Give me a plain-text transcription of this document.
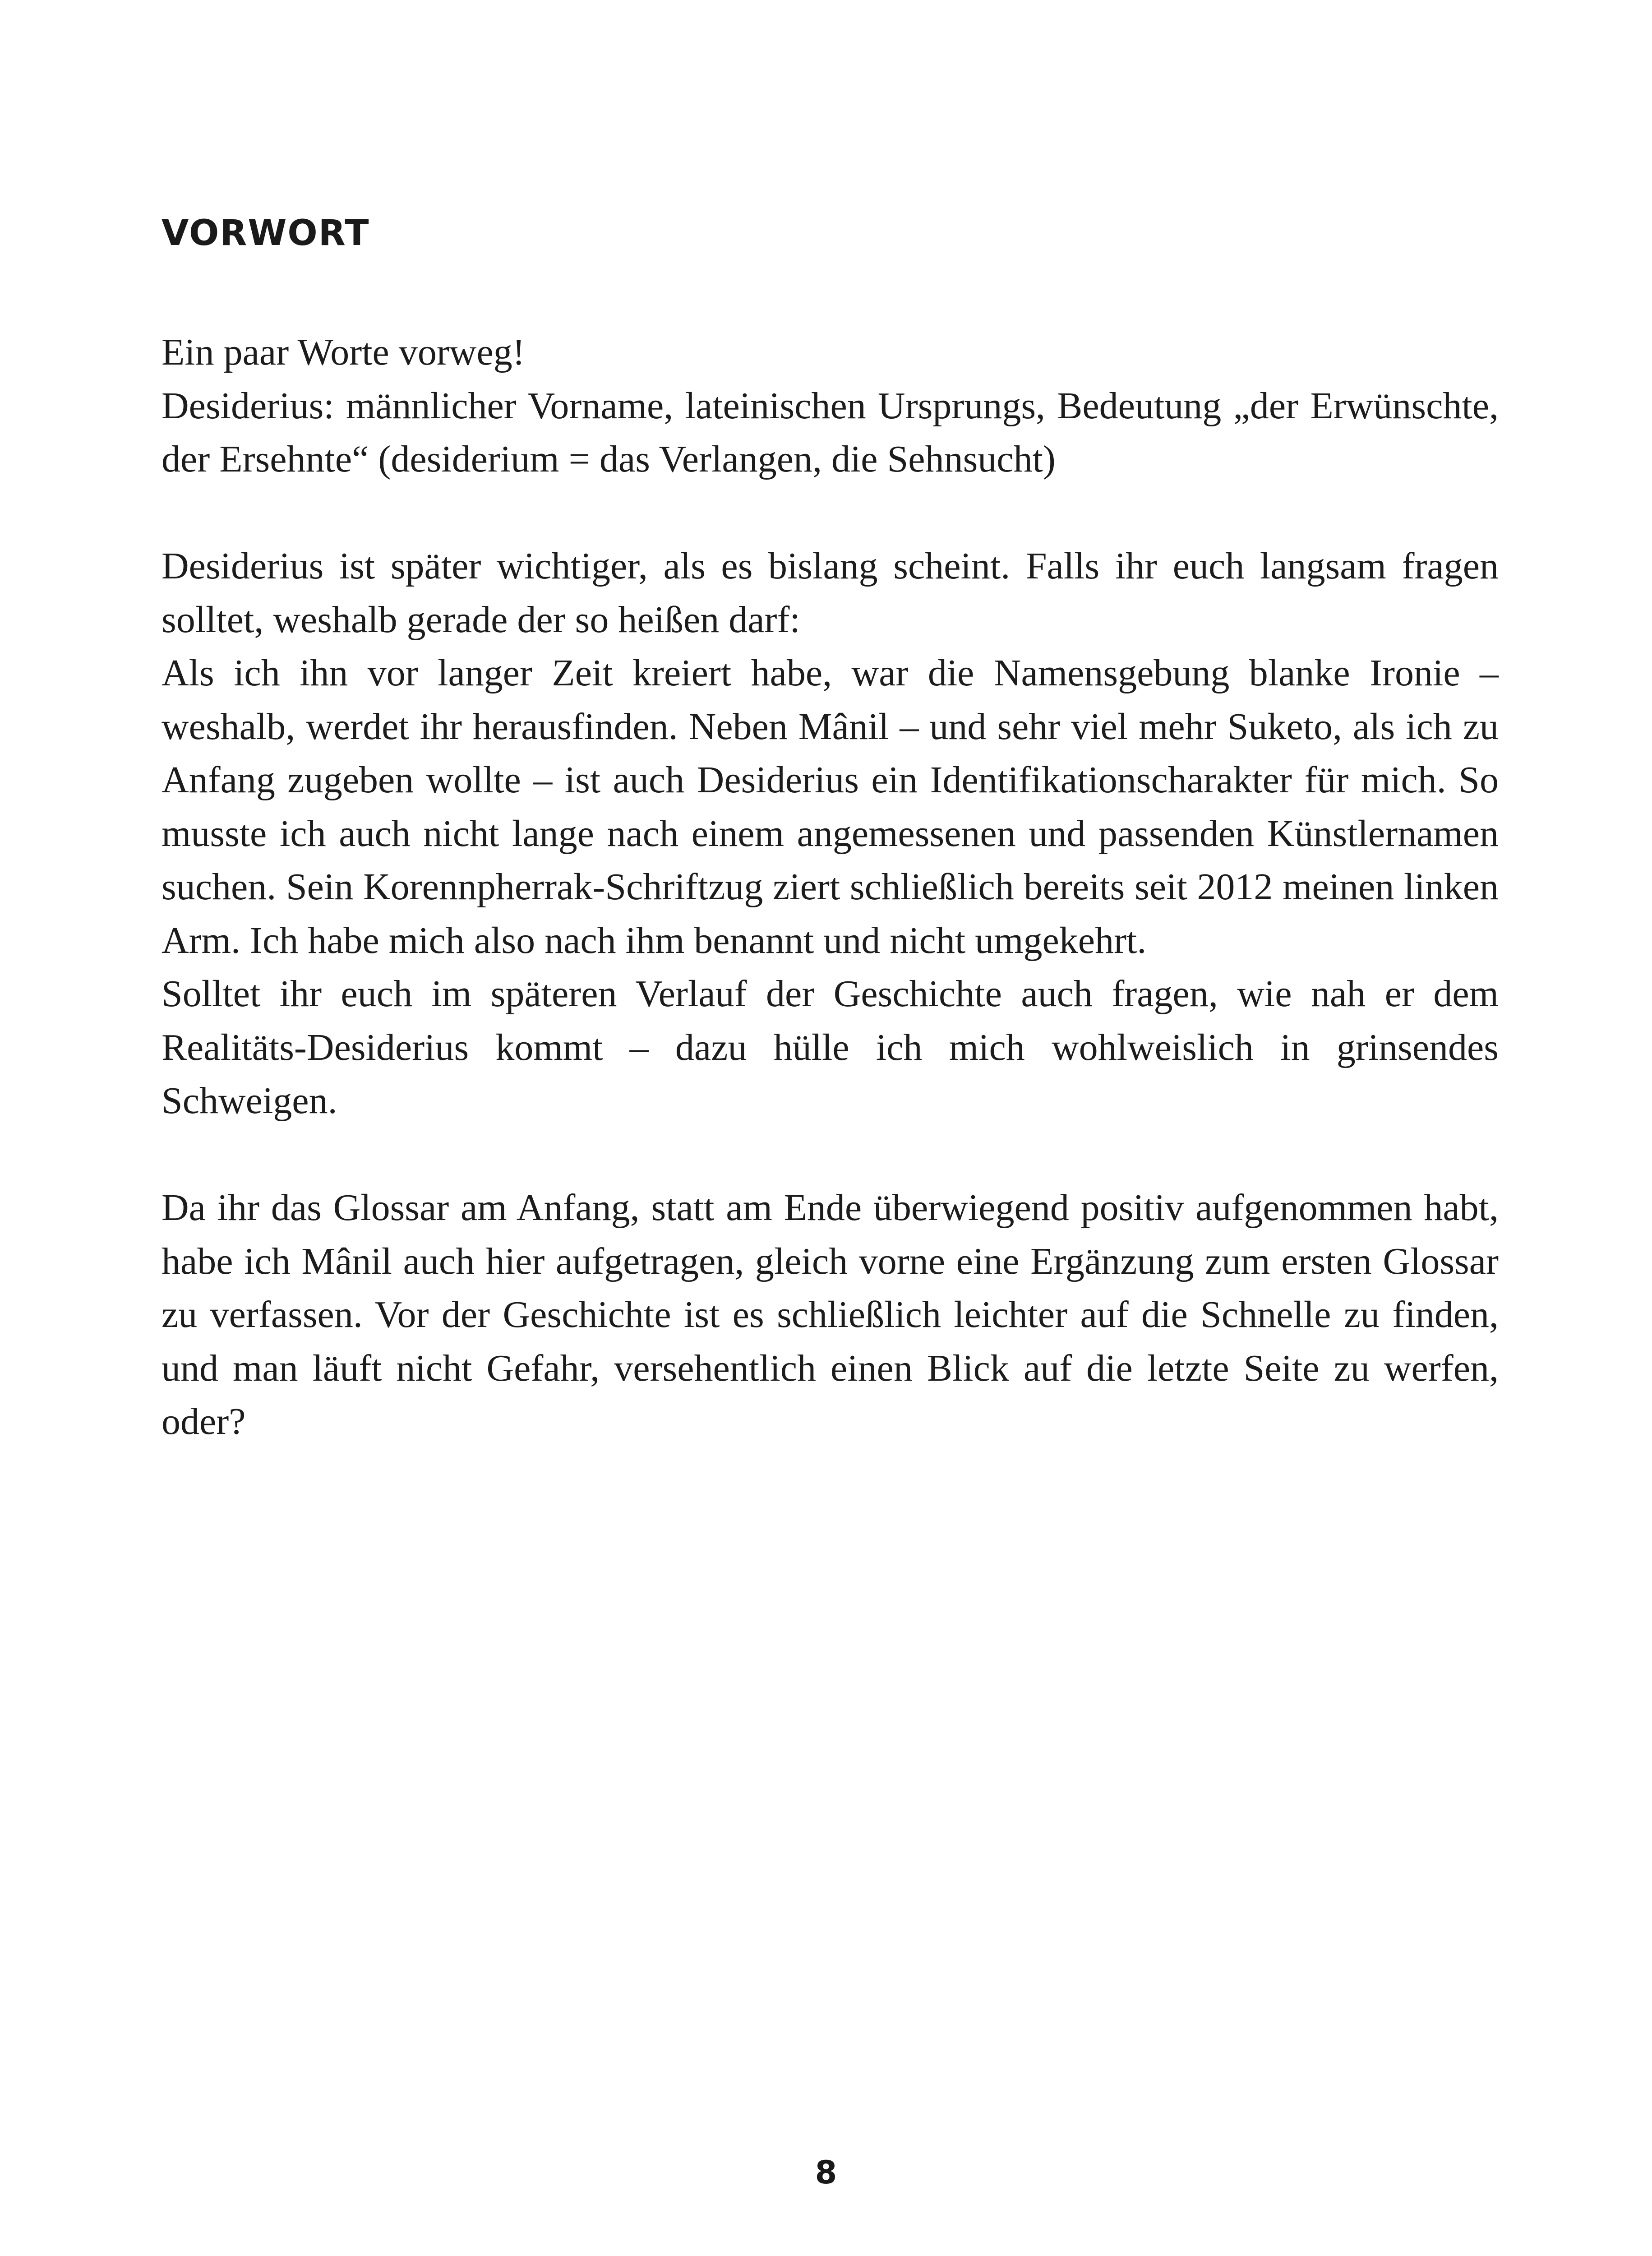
VORWORT

Ein paar Worte vorweg!

Desiderius: männlicher Vorname, lateinischen Ursprungs, Bedeutung „der Erwünschte, der Ersehnte“ (desiderium = das Verlangen, die Sehnsucht)

Desiderius ist später wichtiger, als es bislang scheint. Falls ihr euch langsam fragen solltet, weshalb gerade der so heißen darf:

Als ich ihn vor langer Zeit kreiert habe, war die Namensgebung blanke Ironie – weshalb, werdet ihr herausfinden. Neben Mânil – und sehr viel mehr Suketo, als ich zu Anfang zugeben wollte – ist auch Desiderius ein Identifikationscharakter für mich. So musste ich auch nicht lange nach einem angemessenen und passenden Künstlernamen suchen. Sein Korennpherrak-Schriftzug ziert schließlich bereits seit 2012 meinen linken Arm. Ich habe mich also nach ihm benannt und nicht umgekehrt.

Solltet ihr euch im späteren Verlauf der Geschichte auch fragen, wie nah er dem Realitäts-Desiderius kommt – dazu hülle ich mich wohlweislich in grinsendes Schweigen.

Da ihr das Glossar am Anfang, statt am Ende überwiegend positiv aufgenommen habt, habe ich Mânil auch hier aufgetragen, gleich vorne eine Ergänzung zum ersten Glossar zu verfassen. Vor der Geschichte ist es schließlich leichter auf die Schnelle zu finden, und man läuft nicht Gefahr, versehentlich einen Blick auf die letzte Seite zu werfen, oder?

8
